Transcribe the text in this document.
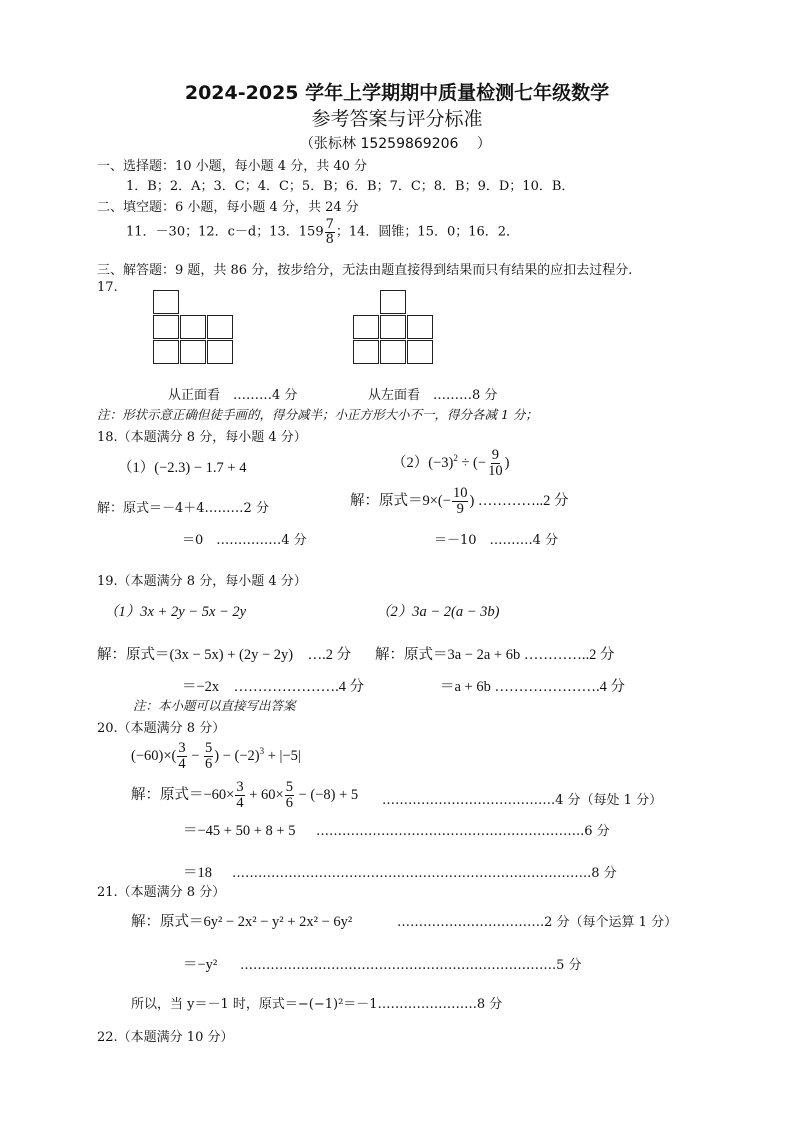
2024-2025 学年上学期期中质量检测七年级数学
参考答案与评分标准
（张标林 15259869206　 ）
一、选择题：10 小题，每小题 4 分，共 40 分
1．B；2．A；3．C；4．C；5．B；6．B；7．C；8．B；9．D；10．B．
二、填空题：6 小题，每小题 4 分，共 24 分
11．－30；12．c－d；13．$159 \frac{7}{8}$ ；14．圆锥；15．0；16．2．
三、解答题：9 题，共 86 分，按步给分，无法由题直接得到结果而只有结果的应扣去过程分.
17.
从正面看　………4 分	从左面看　………8 分
注：形状示意正确但徒手画的，得分减半；小正方形大小不一，得分各减 1 分；
18.（本题满分 8 分，每小题 4 分）
（1）(−2.3) − 1.7 + 4	$(2)(-3)^2$ ÷ (− $\frac{9}{10}$ )
解：原式＝－4＋4………2 分	解：原式$=9\times(- \frac{10}{9}$ ) …………..2 分
＝0　……………4 分	＝－10　……….4 分
19.（本题满分 8 分，每小题 4 分）
（1）3x + 2y − 5x − 2y	（2）3a − 2(a − 3b)
解：原式＝(3x − 5x) + (2y − 2y)　….2 分 解：原式＝3a − 2a + 6b …………..2 分
＝−2x　………………….4 分	＝a + 6b ………………….4 分
注：本小题可以直接写出答案
20.（本题满分 8 分）
$(-60)\times( \frac{3}{4} - \frac{5}{6}$ ) − $(-2)^3 + |-5|$
解：原式$=-60\times \frac{3}{4} + 60\times \frac{5}{6} - (-8) + 5$ ………………………………….4 分（每处 1 分）
＝−45 + 50 + 8 + 5 ……………………………………………………..6 分
＝18 ………………………………………………………………………..8 分
21.（本题满分 8 分）
解：原式＝6y² − 2x² − y² + 2x² − 6y²	…………………………….2 分（每个运算 1 分）
＝−y² ……………………………………………………………….5 分
所以，当 y＝－1 时，原式＝−(−1)²＝－1…………………..8 分
22.（本题满分 10 分）
